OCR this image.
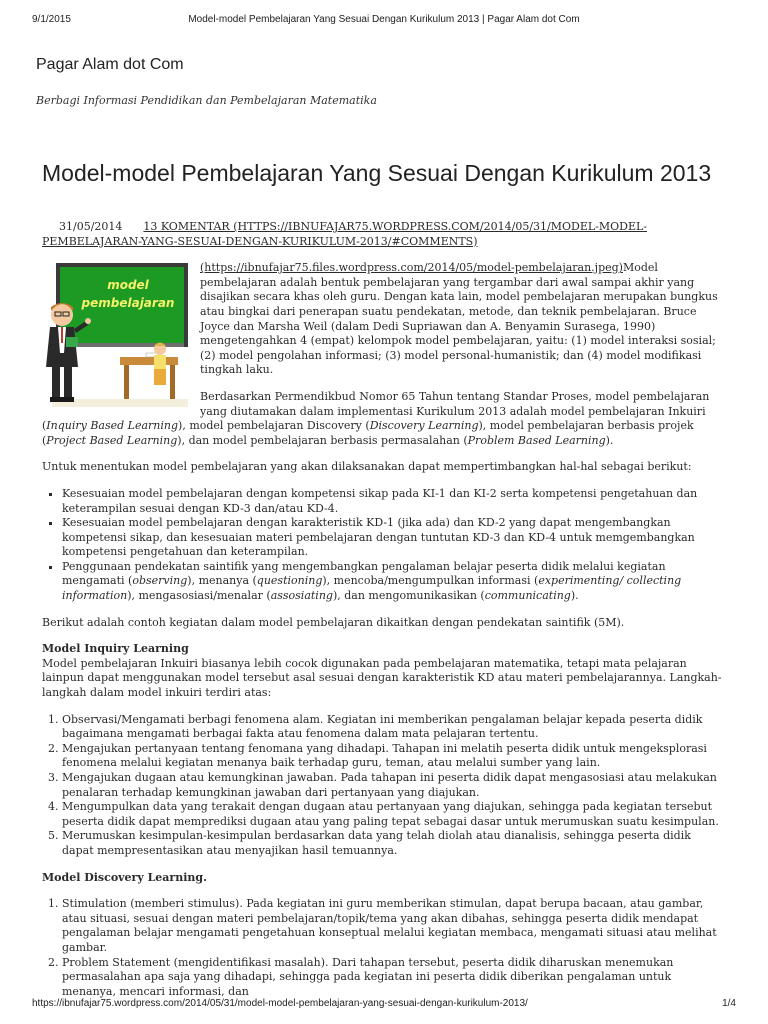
9/1/2015	Model-model Pembelajaran Yang Sesuai Dengan Kurikulum 2013 | Pagar Alam dot Com
Pagar Alam dot Com
Berbagi Informasi Pendidikan dan Pembelajaran Matematika
Model-model Pembelajaran Yang Sesuai Dengan Kurikulum 2013

31/05/2014 13 KOMENTAR (HTTPS://IBNUFAJAR75.WORDPRESS.COM/2014/05/31/MODEL-MODEL-PEMBELAJARAN-YANG-SESUAI-DENGAN-KURIKULUM-2013/#COMMENTS)

model
pembelajaran

(https://ibnufajar75.files.wordpress.com/2014/05/model-pembelajaran.jpeg)Model pembelajaran adalah bentuk pembelajaran yang tergambar dari awal sampai akhir yang disajikan secara khas oleh guru. Dengan kata lain, model pembelajaran merupakan bungkus atau bingkai dari penerapan suatu pendekatan, metode, dan teknik pembelajaran. Bruce Joyce dan Marsha Weil (dalam Dedi Supriawan dan A. Benyamin Surasega, 1990) mengetengahkan 4 (empat) kelompok model pembelajaran, yaitu: (1) model interaksi sosial; (2) model pengolahan informasi; (3) model personal-humanistik; dan (4) model modifikasi tingkah laku.

Berdasarkan Permendikbud Nomor 65 Tahun tentang Standar Proses, model pembelajaran yang diutamakan dalam implementasi Kurikulum 2013 adalah model pembelajaran Inkuiri (Inquiry Based Learning), model pembelajaran Discovery (Discovery Learning), model pembelajaran berbasis projek (Project Based Learning), dan model pembelajaran berbasis permasalahan (Problem Based Learning).

Untuk menentukan model pembelajaran yang akan dilaksanakan dapat mempertimbangkan hal-hal sebagai berikut:

▪ Kesesuaian model pembelajaran dengan kompetensi sikap pada KI-1 dan KI-2 serta kompetensi pengetahuan dan keterampilan sesuai dengan KD-3 dan/atau KD-4.
▪ Kesesuaian model pembelajaran dengan karakteristik KD-1 (jika ada) dan KD-2 yang dapat mengembangkan kompetensi sikap, dan kesesuaian materi pembelajaran dengan tuntutan KD-3 dan KD-4 untuk memgembangkan kompetensi pengetahuan dan keterampilan.
▪ Penggunaan pendekatan saintifik yang mengembangkan pengalaman belajar peserta didik melalui kegiatan mengamati (observing), menanya (questioning), mencoba/mengumpulkan informasi (experimenting/ collecting information), mengasosiasi/menalar (assosiating), dan mengomunikasikan (communicating).

Berikut adalah contoh kegiatan dalam model pembelajaran dikaitkan dengan pendekatan saintifik (5M).

Model Inquiry Learning
Model pembelajaran Inkuiri biasanya lebih cocok digunakan pada pembelajaran matematika, tetapi mata pelajaran lainpun dapat menggunakan model tersebut asal sesuai dengan karakteristik KD atau materi pembelajarannya. Langkah-langkah dalam model inkuiri terdiri atas:

1. Observasi/Mengamati berbagi fenomena alam. Kegiatan ini memberikan pengalaman belajar kepada peserta didik bagaimana mengamati berbagai fakta atau fenomena dalam mata pelajaran tertentu.
2. Mengajukan pertanyaan tentang fenomana yang dihadapi. Tahapan ini melatih peserta didik untuk mengeksplorasi fenomena melalui kegiatan menanya baik terhadap guru, teman, atau melalui sumber yang lain.
3. Mengajukan dugaan atau kemungkinan jawaban. Pada tahapan ini peserta didik dapat mengasosiasi atau melakukan penalaran terhadap kemungkinan jawaban dari pertanyaan yang diajukan.
4. Mengumpulkan data yang terakait dengan dugaan atau pertanyaan yang diajukan, sehingga pada kegiatan tersebut peserta didik dapat memprediksi dugaan atau yang paling tepat sebagai dasar untuk merumuskan suatu kesimpulan.
5. Merumuskan kesimpulan-kesimpulan berdasarkan data yang telah diolah atau dianalisis, sehingga peserta didik dapat mempresentasikan atau menyajikan hasil temuannya.

Model Discovery Learning.

1. Stimulation (memberi stimulus). Pada kegiatan ini guru memberikan stimulan, dapat berupa bacaan, atau gambar, atau situasi, sesuai dengan materi pembelajaran/topik/tema yang akan dibahas, sehingga peserta didik mendapat pengalaman belajar mengamati pengetahuan konseptual melalui kegiatan membaca, mengamati situasi atau melihat gambar.
2. Problem Statement (mengidentifikasi masalah). Dari tahapan tersebut, peserta didik diharuskan menemukan permasalahan apa saja yang dihadapi, sehingga pada kegiatan ini peserta didik diberikan pengalaman untuk menanya, mencari informasi, dan
https://ibnufajar75.wordpress.com/2014/05/31/model-model-pembelajaran-yang-sesuai-dengan-kurikulum-2013/	1/4
